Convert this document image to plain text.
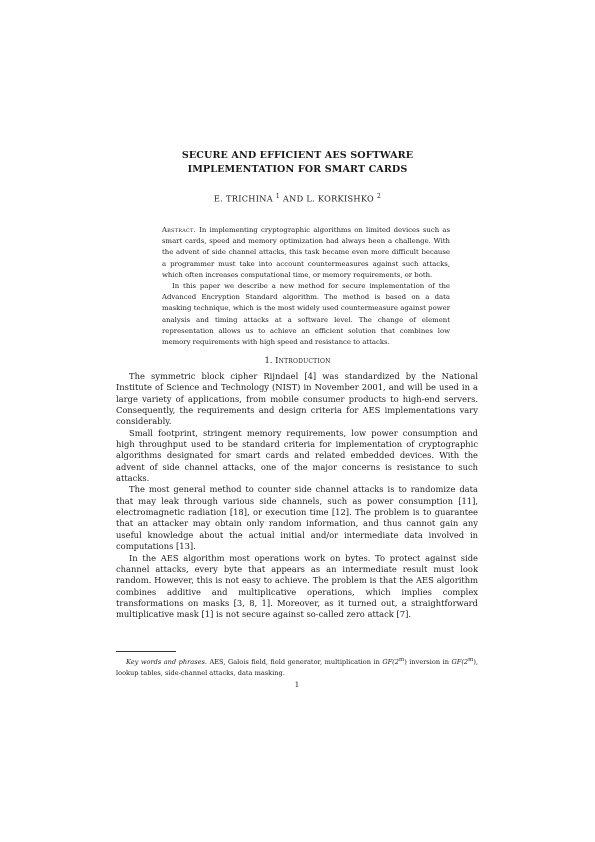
SECURE AND EFFICIENT AES SOFTWARE
IMPLEMENTATION FOR SMART CARDS
E. TRICHINA $^1$ AND L. KORKISHKO $^2$

Abstract. In implementing cryptographic algorithms on limited devices such as smart cards, speed and memory optimization had always been a challenge. With the advent of side channel attacks, this task became even more difficult because a programmer must take into account countermeasures against such attacks, which often increases computational time, or memory requirements, or both.

In this paper we describe a new method for secure implementation of the Advanced Encryption Standard algorithm. The method is based on a data masking technique, which is the most widely used countermeasure against power analysis and timing attacks at a software level. The change of element representation allows us to achieve an efficient solution that combines low memory requirements with high speed and resistance to attacks.

1. Introduction

The symmetric block cipher Rijndael [4] was standardized by the National Institute of Science and Technology (NIST) in November 2001, and will be used in a large variety of applications, from mobile consumer products to high-end servers. Consequently, the requirements and design criteria for AES implementations vary considerably.

Small footprint, stringent memory requirements, low power consumption and high throughput used to be standard criteria for implementation of cryptographic algorithms designated for smart cards and related embedded devices. With the advent of side channel attacks, one of the major concerns is resistance to such attacks.

The most general method to counter side channel attacks is to randomize data that may leak through various side channels, such as power consumption [11], electromagnetic radiation [18], or execution time [12]. The problem is to guarantee that an attacker may obtain only random information, and thus cannot gain any useful knowledge about the actual initial and/or intermediate data involved in computations [13].

In the AES algorithm most operations work on bytes. To protect against side channel attacks, every byte that appears as an intermediate result must look random. However, this is not easy to achieve. The problem is that the AES algorithm combines additive and multiplicative operations, which implies complex transformations on masks [3, 8, 1]. Moreover, as it turned out, a straightforward multiplicative mask [1] is not secure against so-called zero attack [7].

Key words and phrases. AES, Galois field, field generator, multiplication in GF(2$^m$) inversion in GF(2$^m$), lookup tables, side-channel attacks, data masking.
1
